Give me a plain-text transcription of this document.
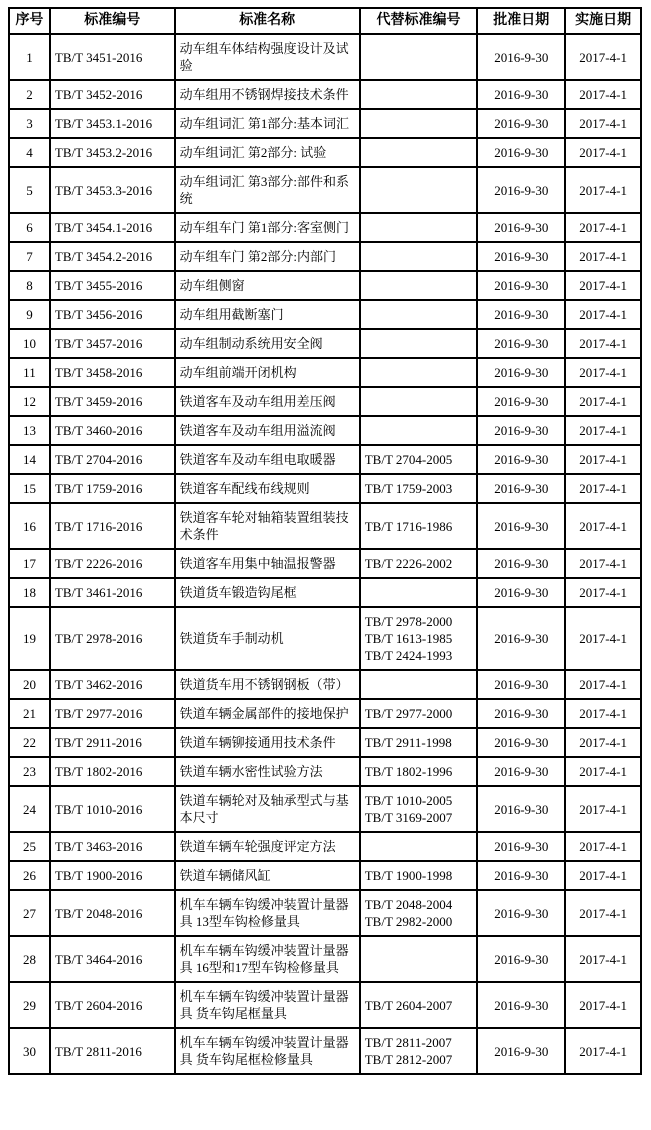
序号	标准编号	标准名称	代替标准编号	批准日期	实施日期
1	TB/T 3451-2016	动车组车体结构强度设计及试验		2016-9-30	2017-4-1
2	TB/T 3452-2016	动车组用不锈钢焊接技术条件		2016-9-30	2017-4-1
3	TB/T 3453.1-2016	动车组词汇 第1部分:基本词汇		2016-9-30	2017-4-1
4	TB/T 3453.2-2016	动车组词汇 第2部分: 试验		2016-9-30	2017-4-1
5	TB/T 3453.3-2016	动车组词汇 第3部分:部件和系统		2016-9-30	2017-4-1
6	TB/T 3454.1-2016	动车组车门 第1部分:客室侧门		2016-9-30	2017-4-1
7	TB/T 3454.2-2016	动车组车门 第2部分:内部门		2016-9-30	2017-4-1
8	TB/T 3455-2016	动车组侧窗		2016-9-30	2017-4-1
9	TB/T 3456-2016	动车组用截断塞门		2016-9-30	2017-4-1
10	TB/T 3457-2016	动车组制动系统用安全阀		2016-9-30	2017-4-1
11	TB/T 3458-2016	动车组前端开闭机构		2016-9-30	2017-4-1
12	TB/T 3459-2016	铁道客车及动车组用差压阀		2016-9-30	2017-4-1
13	TB/T 3460-2016	铁道客车及动车组用溢流阀		2016-9-30	2017-4-1
14	TB/T 2704-2016	铁道客车及动车组电取暖器	TB/T 2704-2005	2016-9-30	2017-4-1
15	TB/T 1759-2016	铁道客车配线布线规则	TB/T 1759-2003	2016-9-30	2017-4-1
16	TB/T 1716-2016	铁道客车轮对轴箱装置组装技术条件	TB/T 1716-1986	2016-9-30	2017-4-1
17	TB/T 2226-2016	铁道客车用集中轴温报警器	TB/T 2226-2002	2016-9-30	2017-4-1
18	TB/T 3461-2016	铁道货车锻造钩尾框		2016-9-30	2017-4-1
19	TB/T 2978-2016	铁道货车手制动机	TB/T 2978-2000
TB/T 1613-1985
TB/T 2424-1993	2016-9-30	2017-4-1
20	TB/T 3462-2016	铁道货车用不锈钢钢板（带）		2016-9-30	2017-4-1
21	TB/T 2977-2016	铁道车辆金属部件的接地保护	TB/T 2977-2000	2016-9-30	2017-4-1
22	TB/T 2911-2016	铁道车辆铆接通用技术条件	TB/T 2911-1998	2016-9-30	2017-4-1
23	TB/T 1802-2016	铁道车辆水密性试验方法	TB/T 1802-1996	2016-9-30	2017-4-1
24	TB/T 1010-2016	铁道车辆轮对及轴承型式与基本尺寸	TB/T 1010-2005
TB/T 3169-2007	2016-9-30	2017-4-1
25	TB/T 3463-2016	铁道车辆车轮强度评定方法		2016-9-30	2017-4-1
26	TB/T 1900-2016	铁道车辆储风缸	TB/T 1900-1998	2016-9-30	2017-4-1
27	TB/T 2048-2016	机车车辆车钩缓冲装置计量器具 13型车钩检修量具	TB/T 2048-2004
TB/T 2982-2000	2016-9-30	2017-4-1
28	TB/T 3464-2016	机车车辆车钩缓冲装置计量器具 16型和17型车钩检修量具		2016-9-30	2017-4-1
29	TB/T 2604-2016	机车车辆车钩缓冲装置计量器具 货车钩尾框量具	TB/T 2604-2007	2016-9-30	2017-4-1
30	TB/T 2811-2016	机车车辆车钩缓冲装置计量器具 货车钩尾框检修量具	TB/T 2811-2007
TB/T 2812-2007	2016-9-30	2017-4-1
